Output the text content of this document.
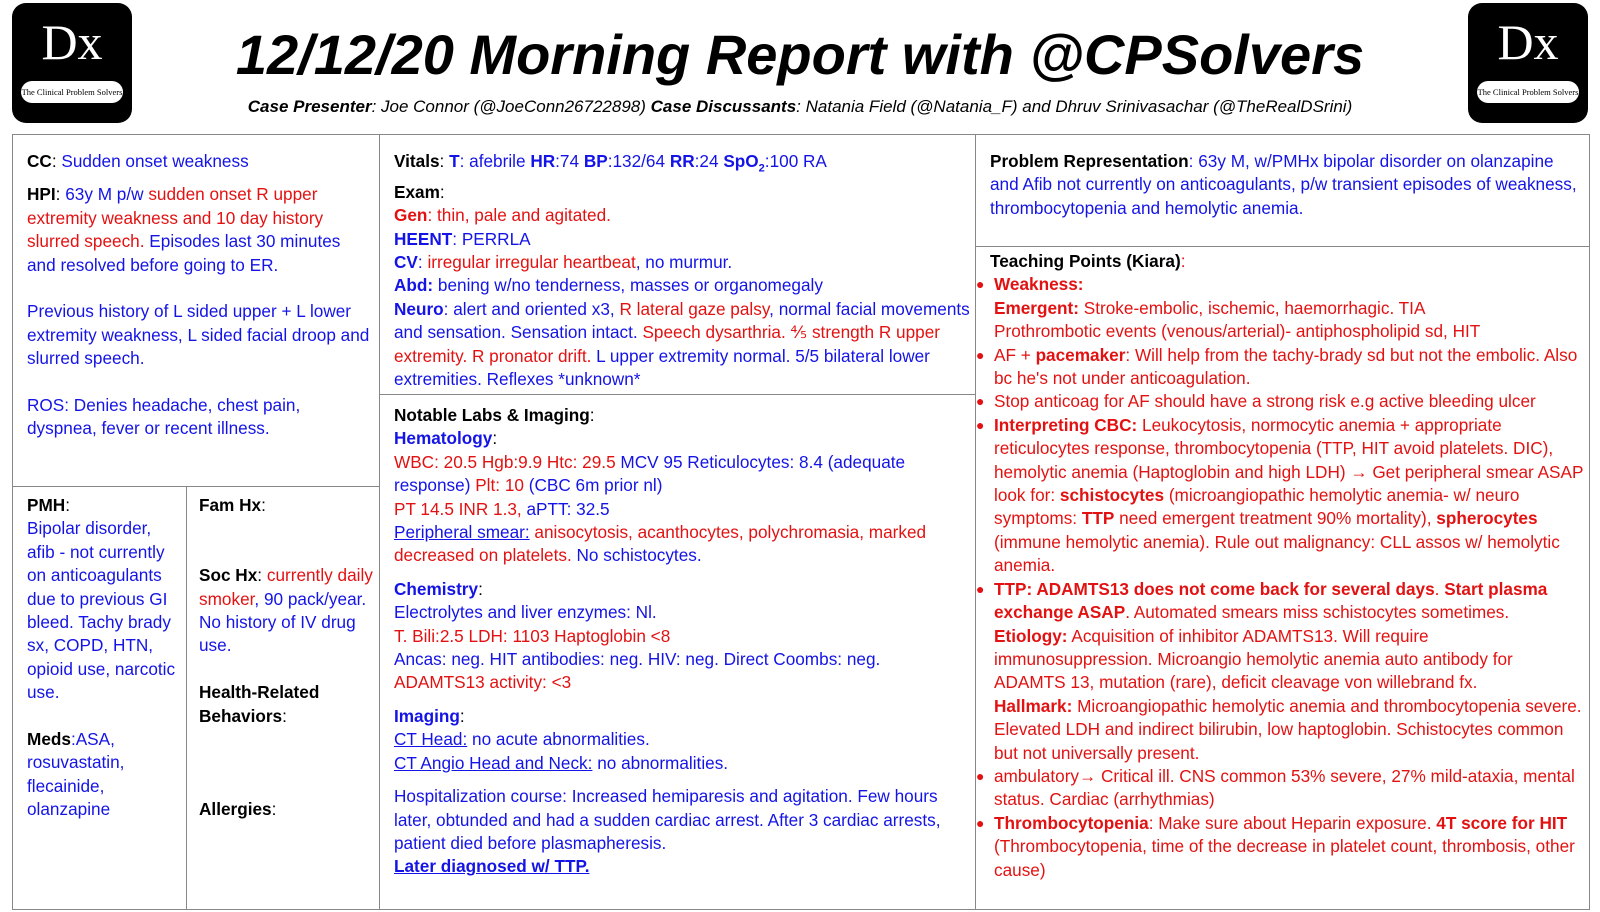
Dx
The Clinical Problem Solvers
Dx
The Clinical Problem Solvers
12/12/20 Morning Report with @CPSolvers
Case Presenter: Joe Connor (@JoeConn26722898) Case Discussants: Natania Field (@Natania_F) and Dhruv Srinivasachar (@TheRealDSrini)

CC: Sudden onset weakness

HPI: 63y M p/w sudden onset R upper extremity weakness and 10 day history slurred speech. Episodes last 30 minutes and resolved before going to ER.

Previous history of L sided upper + L lower extremity weakness, L sided facial droop and slurred speech.

ROS: Denies headache, chest pain, dyspnea, fever or recent illness.

PMH:

Bipolar disorder, afib - not currently on anticoagulants due to previous GI bleed. Tachy brady sx, COPD, HTN, opioid use, narcotic use.

Meds:ASA, rosuvastatin, flecainide, olanzapine

Fam Hx:

Soc Hx: currently daily smoker, 90 pack/year. No history of IV drug use.

Health-Related Behaviors:

Allergies:

Vitals: T: afebrile HR:74 BP:132/64 RR:24 SpO$_2$:100 RA

Exam:

Gen: thin, pale and agitated.

HEENT: PERRLA

CV: irregular irregular heartbeat, no murmur.

Abd: bening w/no tenderness, masses or organomegaly

Neuro: alert and oriented x3, R lateral gaze palsy, normal facial movements and sensation. Sensation intact. Speech dysarthria. ⅘ strength R upper extremity. R pronator drift. L upper extremity normal. 5/5 bilateral lower extremities. Reflexes *unknown*

Notable Labs & Imaging:

Hematology:

WBC: 20.5 Hgb:9.9 Htc: 29.5 MCV 95 Reticulocytes: 8.4 (adequate response) Plt: 10 (CBC 6m prior nl)

PT 14.5 INR 1.3, aPTT: 32.5

Peripheral smear: anisocytosis, acanthocytes, polychromasia, marked decreased on platelets. No schistocytes.

Chemistry:

Electrolytes and liver enzymes: Nl.

T. Bili:2.5 LDH: 1103 Haptoglobin <8

Ancas: neg. HIT antibodies: neg. HIV: neg. Direct Coombs: neg.

ADAMTS13 activity: <3

Imaging:

CT Head: no acute abnormalities.

CT Angio Head and Neck: no abnormalities.

Hospitalization course: Increased hemiparesis and agitation. Few hours later, obtunded and had a sudden cardiac arrest. After 3 cardiac arrests, patient died before plasmapheresis.

Later diagnosed w/ TTP.

Problem Representation: 63y M, w/PMHx bipolar disorder on olanzapine and Afib not currently on anticoagulants, p/w transient episodes of weakness, thrombocytopenia and hemolytic anemia.

Teaching Points (Kiara):

● Weakness:
Emergent: Stroke-embolic, ischemic, haemorrhagic. TIA
Prothrombotic events (venous/arterial)- antiphospholipid sd, HIT
● AF + pacemaker: Will help from the tachy-brady sd but not the embolic. Also bc he's not under anticoagulation.
● Stop anticoag for AF should have a strong risk e.g active bleeding ulcer
● Interpreting CBC: Leukocytosis, normocytic anemia + appropriate reticulocytes response, thrombocytopenia (TTP, HIT avoid platelets. DIC), hemolytic anemia (Haptoglobin and high LDH) → Get peripheral smear ASAP look for: schistocytes (microangiopathic hemolytic anemia- w/ neuro symptoms: TTP need emergent treatment 90% mortality), spherocytes (immune hemolytic anemia). Rule out malignancy: CLL assos w/ hemolytic anemia.
● TTP: ADAMTS13 does not come back for several days. Start plasma exchange ASAP. Automated smears miss schistocytes sometimes.
Etiology: Acquisition of inhibitor ADAMTS13. Will require immunosuppression. Microangio hemolytic anemia auto antibody for ADAMTS 13, mutation (rare), deficit cleavage von willebrand fx.
Hallmark: Microangiopathic hemolytic anemia and thrombocytopenia severe. Elevated LDH and indirect bilirubin, low haptoglobin. Schistocytes common but not universally present.
● ambulatory→ Critical ill. CNS common 53% severe, 27% mild-ataxia, mental status. Cardiac (arrhythmias)
● Thrombocytopenia: Make sure about Heparin exposure. 4T score for HIT (Thrombocytopenia, time of the decrease in platelet count, thrombosis, other cause)
